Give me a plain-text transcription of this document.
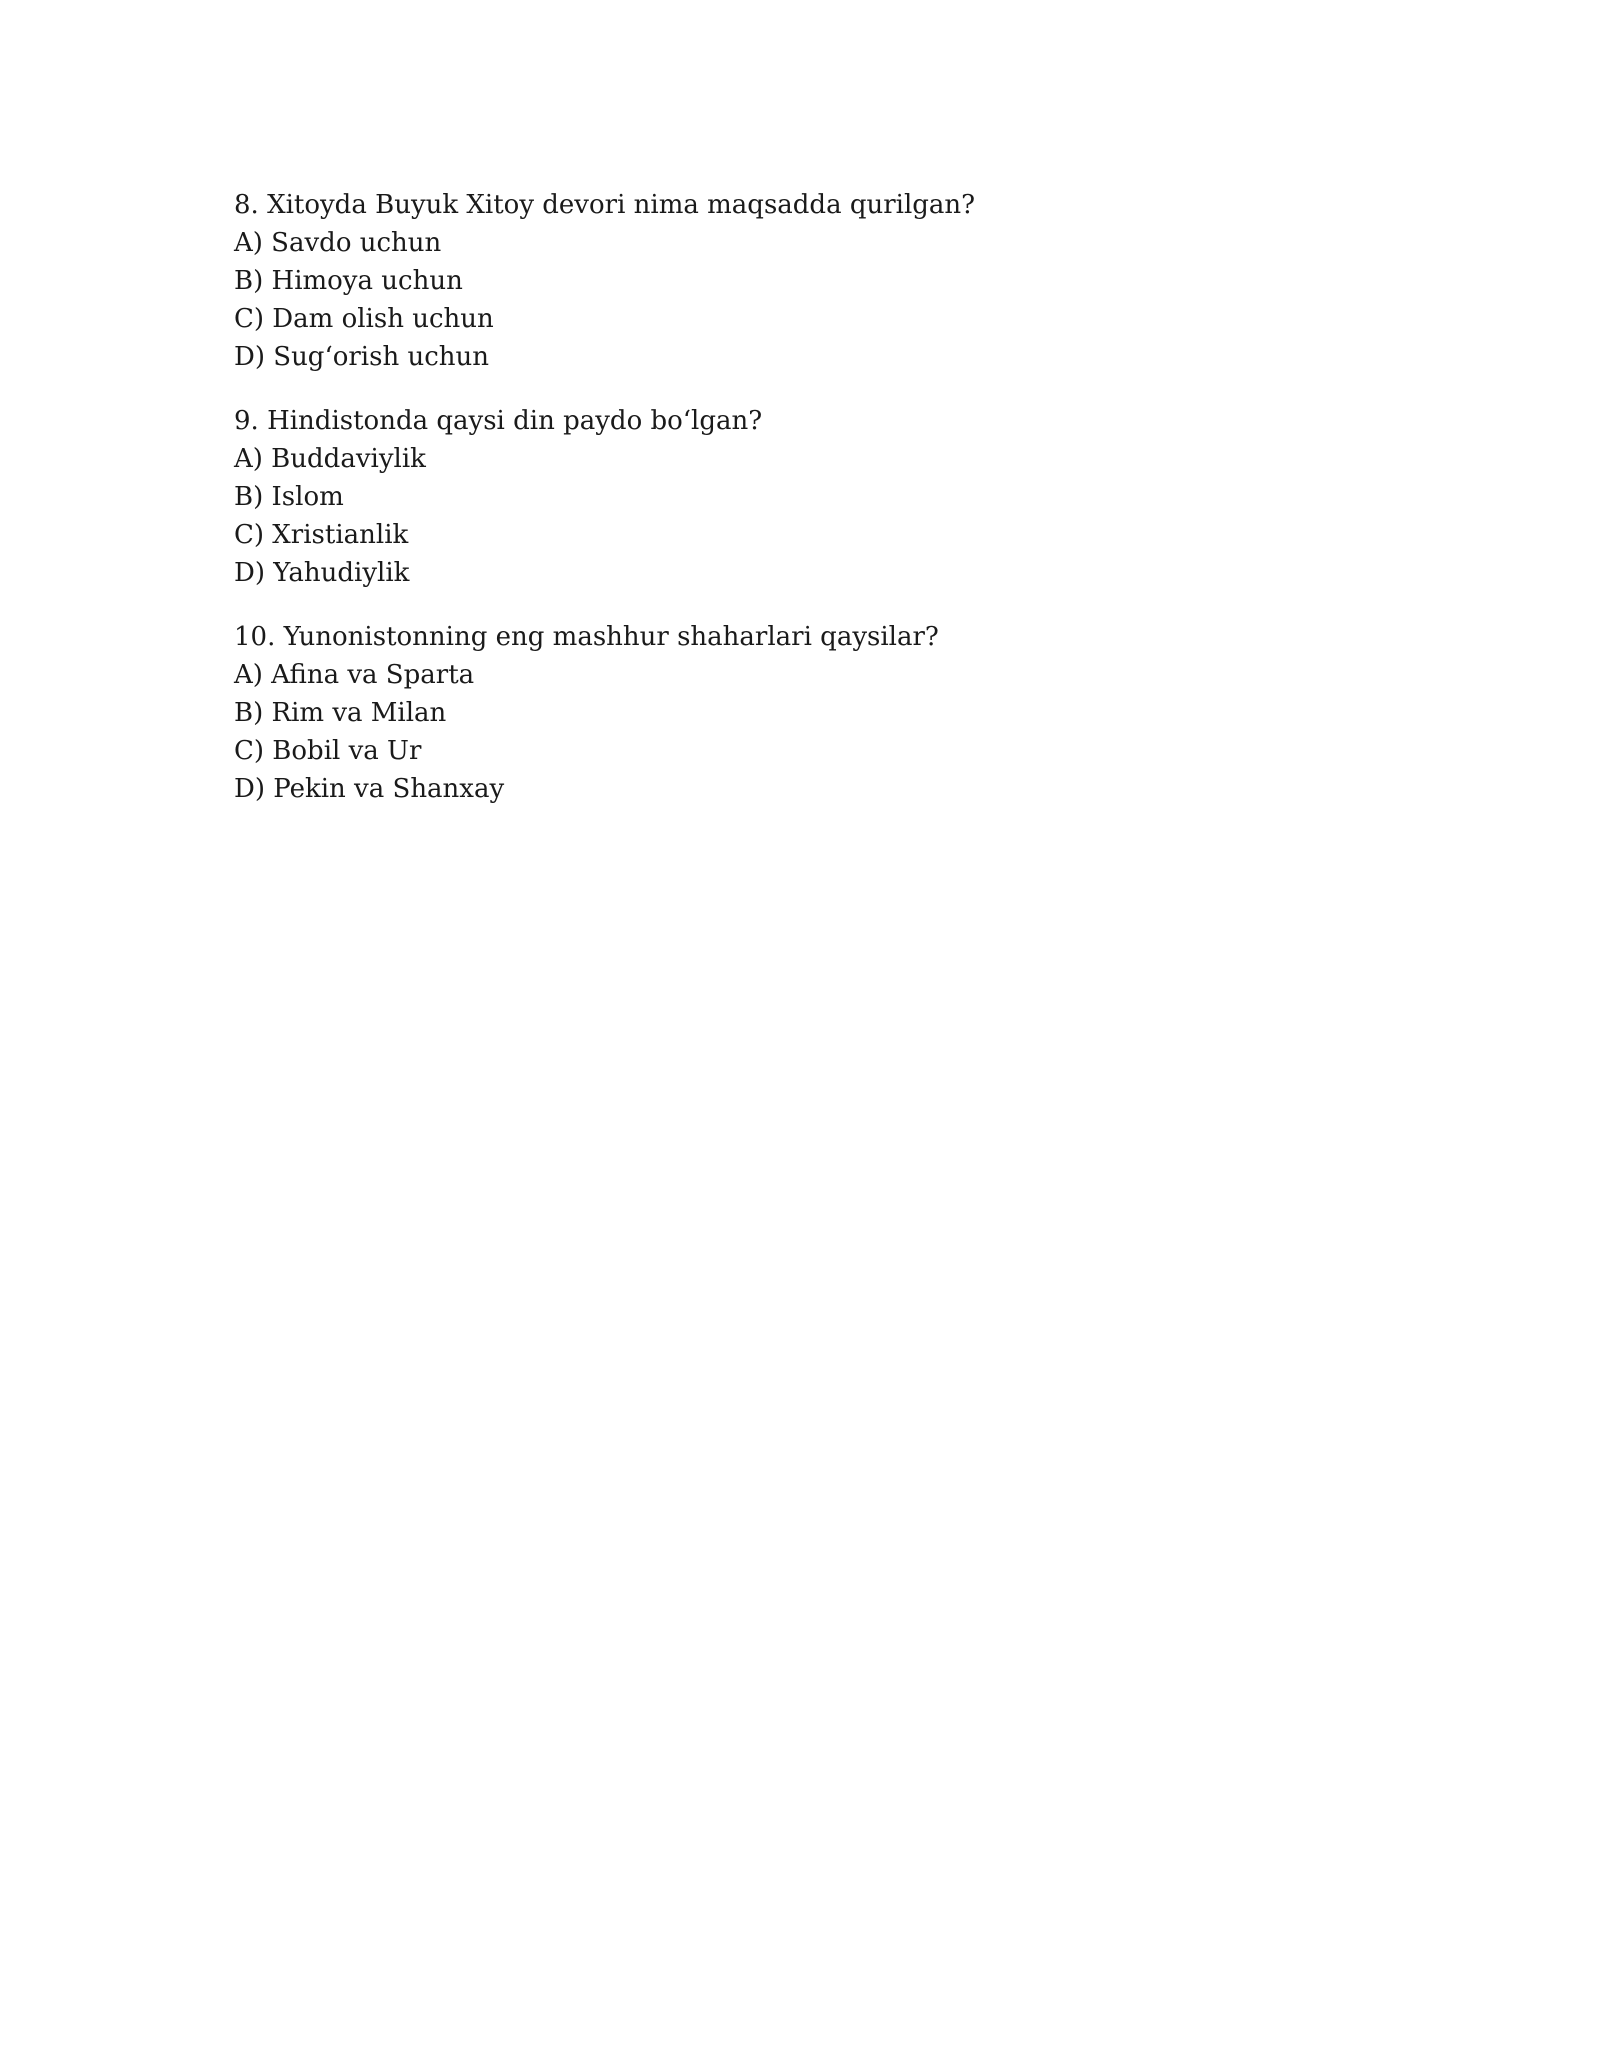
8. Xitoyda Buyuk Xitoy devori nima maqsadda qurilgan?
A) Savdo uchun
B) Himoya uchun
C) Dam olish uchun
D) Sug‘orish uchun
9. Hindistonda qaysi din paydo bo‘lgan?
A) Buddaviylik
B) Islom
C) Xristianlik
D) Yahudiylik
10. Yunonistonning eng mashhur shaharlari qaysilar?
A) Afina va Sparta
B) Rim va Milan
C) Bobil va Ur
D) Pekin va Shanxay
